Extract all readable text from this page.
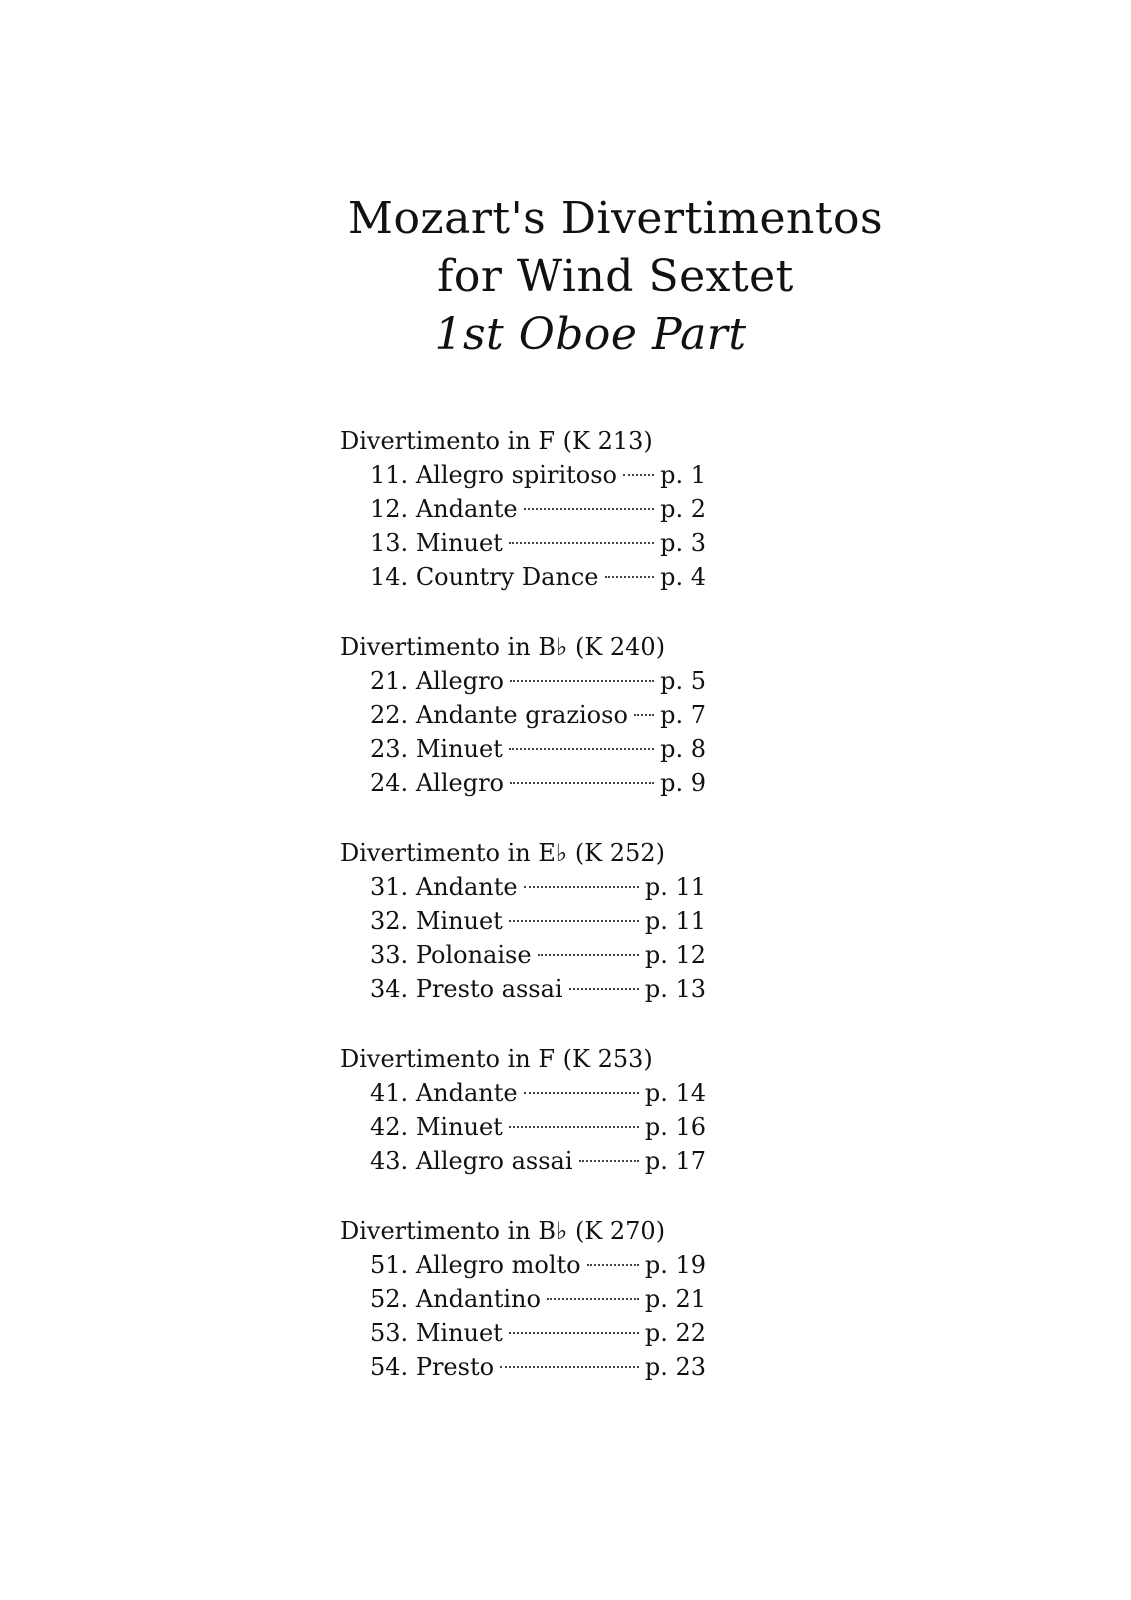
Mozart's Divertimentos

for Wind Sextet

1st Oboe Part

Divertimento in F (K 213)

11.
Allegro spiritoso p. 1
12.
Andante	p. 2
13.
Minuet	p. 3
14.
Country Dance	p. 4

Divertimento in B♭ (K 240)

21.
Allegro	p. 5
22.
Andante grazioso p. 7
23.
Minuet	p. 8
24.
Allegro	p. 9

Divertimento in E♭ (K 252)

31.
Andante	p. 11
32.
Minuet	p. 11
33.
Polonaise	p. 12
34.
Presto assai	p. 13

Divertimento in F (K 253)

41.
Andante	p. 14
42.
Minuet	p. 16
43.
Allegro assai	p. 17

Divertimento in B♭ (K 270)

51.
Allegro molto	p. 19
52.
Andantino	p. 21
53.
Minuet	p. 22
54.
Presto	p. 23
